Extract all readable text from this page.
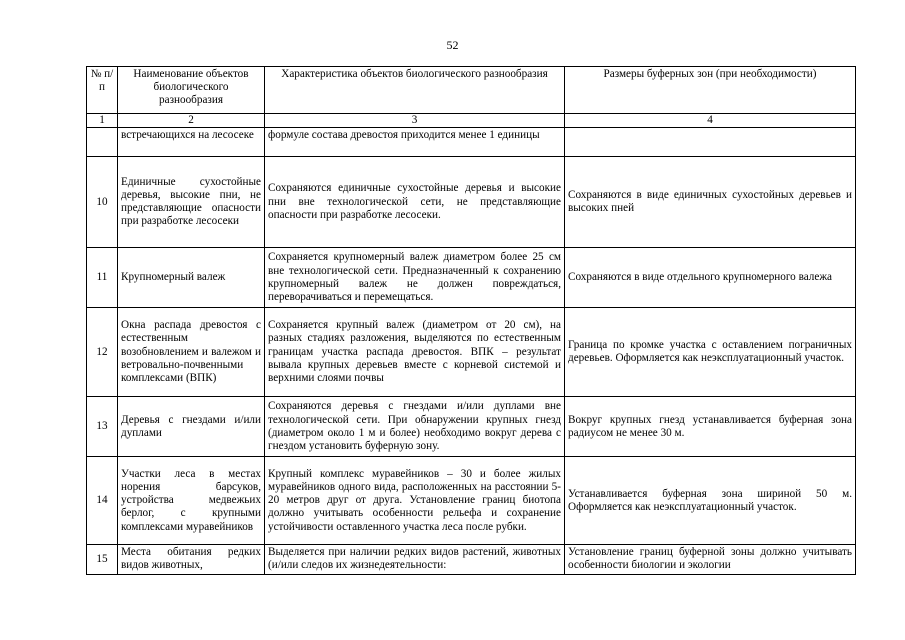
52
№ п/п	Наименование объектов биологического разнообразия	Характеристика объектов биологического разнообразия	Размеры буферных зон (при необходимости)
1	2	3	4
	встречающихся на лесосеке	формуле состава древостоя приходится менее 1 единицы	
10	Единичные сухостойные деревья, высокие пни, не представляющие опасности при разработке лесосеки	Сохраняются единичные сухостойные деревья и высокие пни вне технологической сети, не представляющие опасности при разработке лесосеки.	Сохраняются в виде единичных сухостойных деревьев и высоких пней
11	Крупномерный валеж	Сохраняется крупномерный валеж диаметром более 25 см вне технологической сети. Предназначенный к сохранению крупномерный валеж не должен повреждаться, переворачиваться и перемещаться.	Сохраняются в виде отдельного крупномерного валежа
12	Окна распада древостоя с естественным возобновлением и валежом и ветровально-почвенными комплексами (ВПК)	Сохраняется крупный валеж (диаметром от 20 см), на разных стадиях разложения, выделяются по естественным границам участка распада древостоя. ВПК – результат вывала крупных деревьев вместе с корневой системой и верхними слоями почвы	Граница по кромке участка с оставлением пограничных деревьев. Оформляется как неэксплуатационный участок.
13	Деревья с гнездами и/или дуплами	Сохраняются деревья с гнездами и/или дуплами вне технологической сети. При обнаружении крупных гнезд (диаметром около 1 м и более) необходимо вокруг дерева с гнездом установить буферную зону.	Вокруг крупных гнезд устанавливается буферная зона радиусом не менее 30 м.
14	Участки леса в местах норения барсуков, устройства медвежьих берлог, с крупными комплексами муравейников	Крупный комплекс муравейников – 30 и более жилых муравейников одного вида, расположенных на расстоянии 5-20 метров друг от друга. Установление границ биотопа должно учитывать особенности рельефа и сохранение устойчивости оставленного участка леса после рубки.	Устанавливается буферная зона шириной 50 м. Оформляется как неэксплуатационный участок.
15	Места обитания редких видов животных,	Выделяется при наличии редких видов растений, животных (и/или следов их жизнедеятельности:	Установление границ буферной зоны должно учитывать особенности биологии и экологии
